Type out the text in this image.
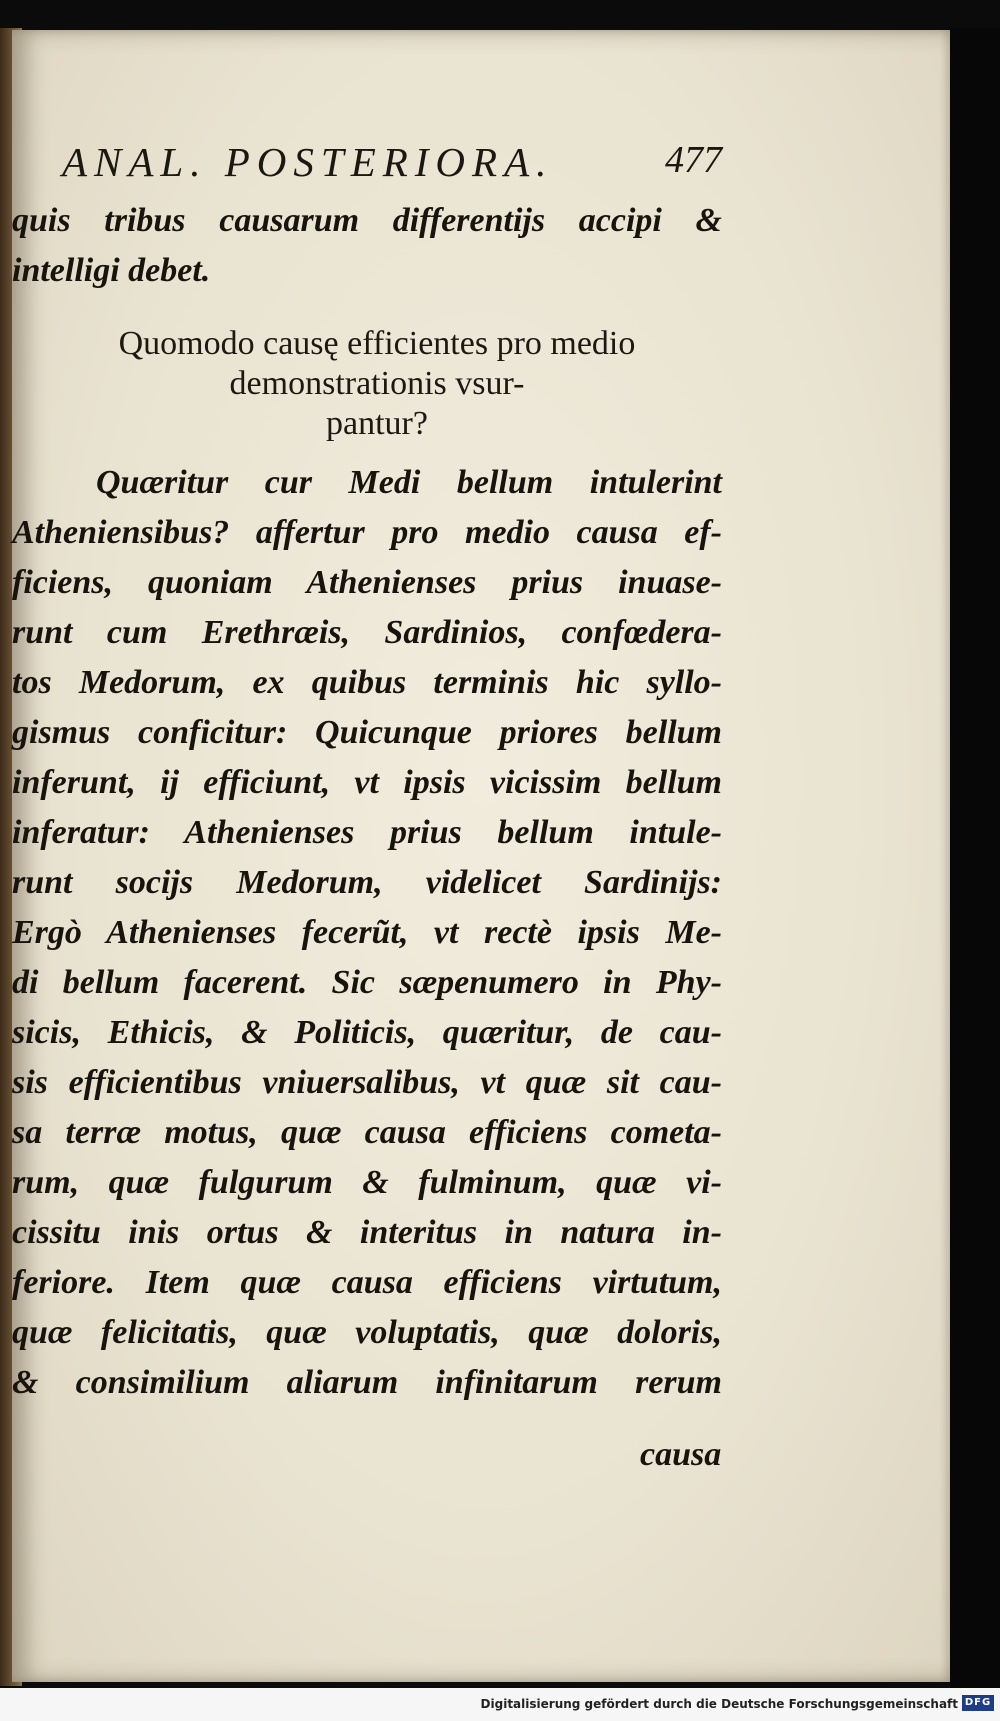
ANAL. POSTERIORA.	477
quis tribus causarum differentijs accipi &
intelligi debet.
Quomodo causę efficientes pro medio
demonstrationis vsur-
pantur?
Quæritur cur Medi bellum intulerint
Atheniensibus? affertur pro medio causa ef-
ficiens, quoniam Athenienses prius inuase-
runt cum Erethræis, Sardinios, confœdera-
tos Medorum, ex quibus terminis hic syllo-
gismus conficitur: Quicunque priores bellum
inferunt, ij efficiunt, vt ipsis vicissim bellum
inferatur: Athenienses prius bellum intule-
runt socijs Medorum, videlicet Sardinijs:
Ergò Athenienses fecerũt, vt rectè ipsis Me-
di bellum facerent. Sic sæpenumero in Phy-
sicis, Ethicis, & Politicis, quæritur, de cau-
sis efficientibus vniuersalibus, vt quæ sit cau-
sa terræ motus, quæ causa efficiens cometa-
rum, quæ fulgurum & fulminum, quæ vi-
cissitu inis ortus & interitus in natura in-
feriore. Item quæ causa efficiens virtutum,
quæ felicitatis, quæ voluptatis, quæ doloris,
& consimilium aliarum infinitarum rerum
causa
Digitalisierung gefördert durch die Deutsche Forschungsgemeinschaft DFG
